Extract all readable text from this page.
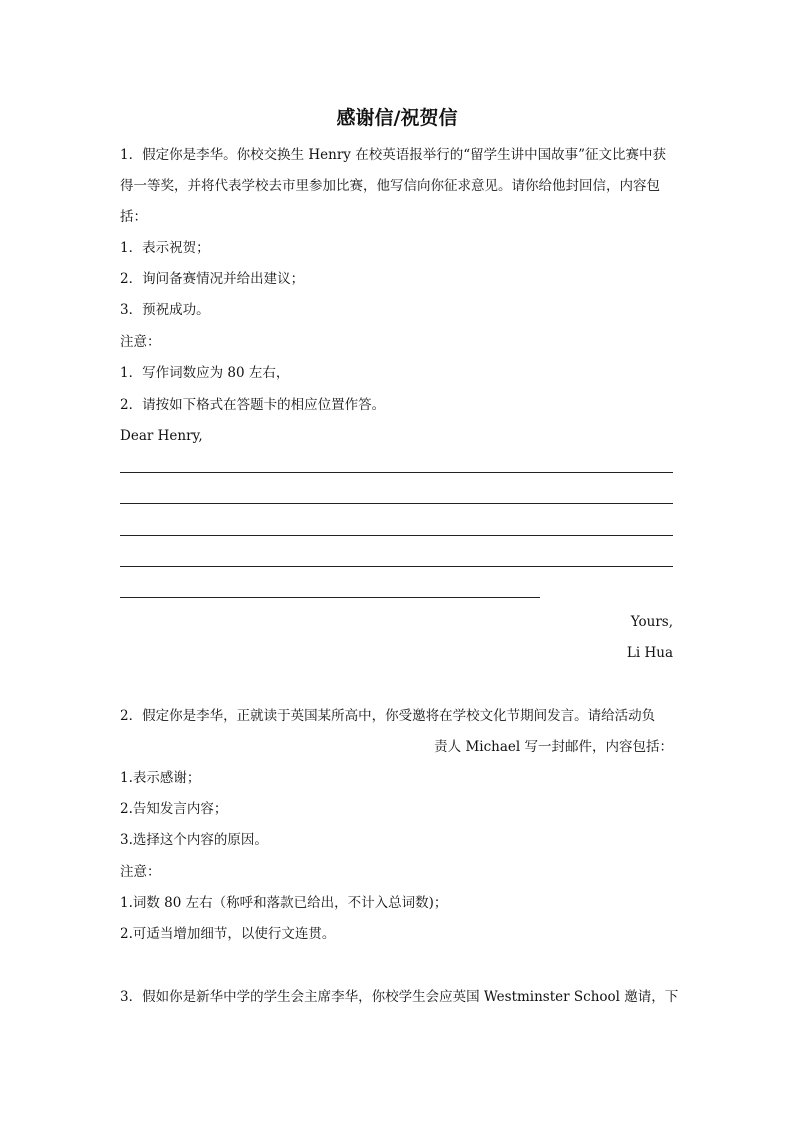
感谢信/祝贺信
1．假定你是李华。你校交换生 Henry 在校英语报举行的“留学生讲中国故事”征文比赛中获
得一等奖，并将代表学校去市里参加比赛，他写信向你征求意见。请你给他封回信，内容包
括：
1．表示祝贺；
2．询问备赛情况并给出建议；
3．预祝成功。
注意：
1．写作词数应为 80 左右，
2．请按如下格式在答题卡的相应位置作答。
Dear Henry,
Yours,
Li Hua
2．假定你是李华，正就读于英国某所高中，你受邀将在学校文化节期间发言。请给活动负
责人 Michael 写一封邮件，内容包括：
1.表示感谢；
2.告知发言内容；
3.选择这个内容的原因。
注意：
1.词数 80 左右（称呼和落款已给出，不计入总词数)；
2.可适当增加细节，以使行文连贯。
3．假如你是新华中学的学生会主席李华，你校学生会应英国 Westminster School 邀请，下
